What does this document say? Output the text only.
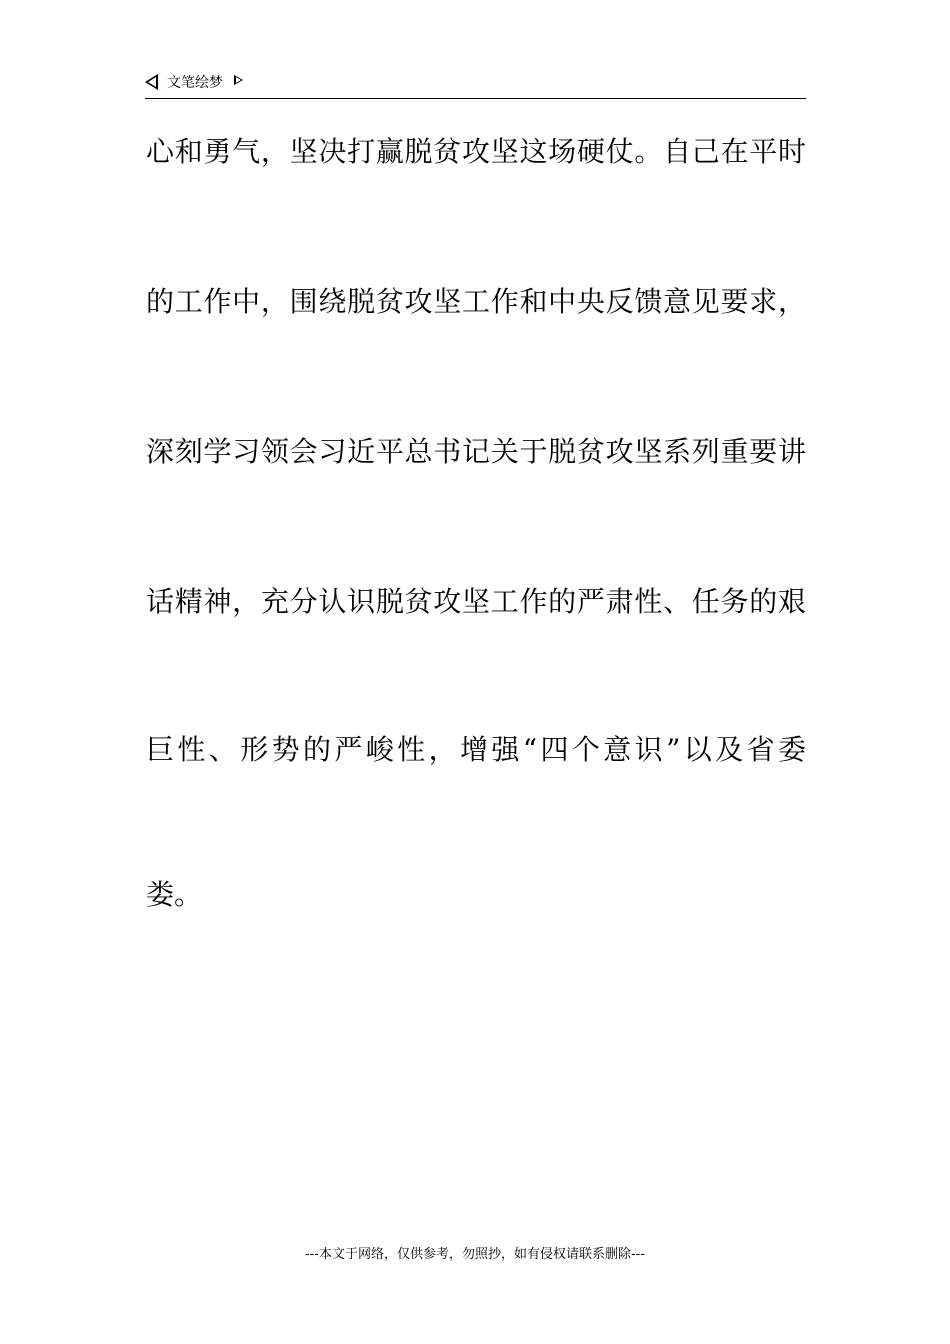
文笔绘梦
心和勇气，坚决打赢脱贫攻坚这场硬仗。自己在平时
的工作中，围绕脱贫攻坚工作和中央反馈意见要求，
深刻学习领会习近平总书记关于脱贫攻坚系列重要讲
话精神，充分认识脱贫攻坚工作的严肃性、任务的艰
巨性、形势的严峻性，增强“四个意识”以及省委
娄。
---本文于网络，仅供参考，勿照抄，如有侵权请联系删除---
